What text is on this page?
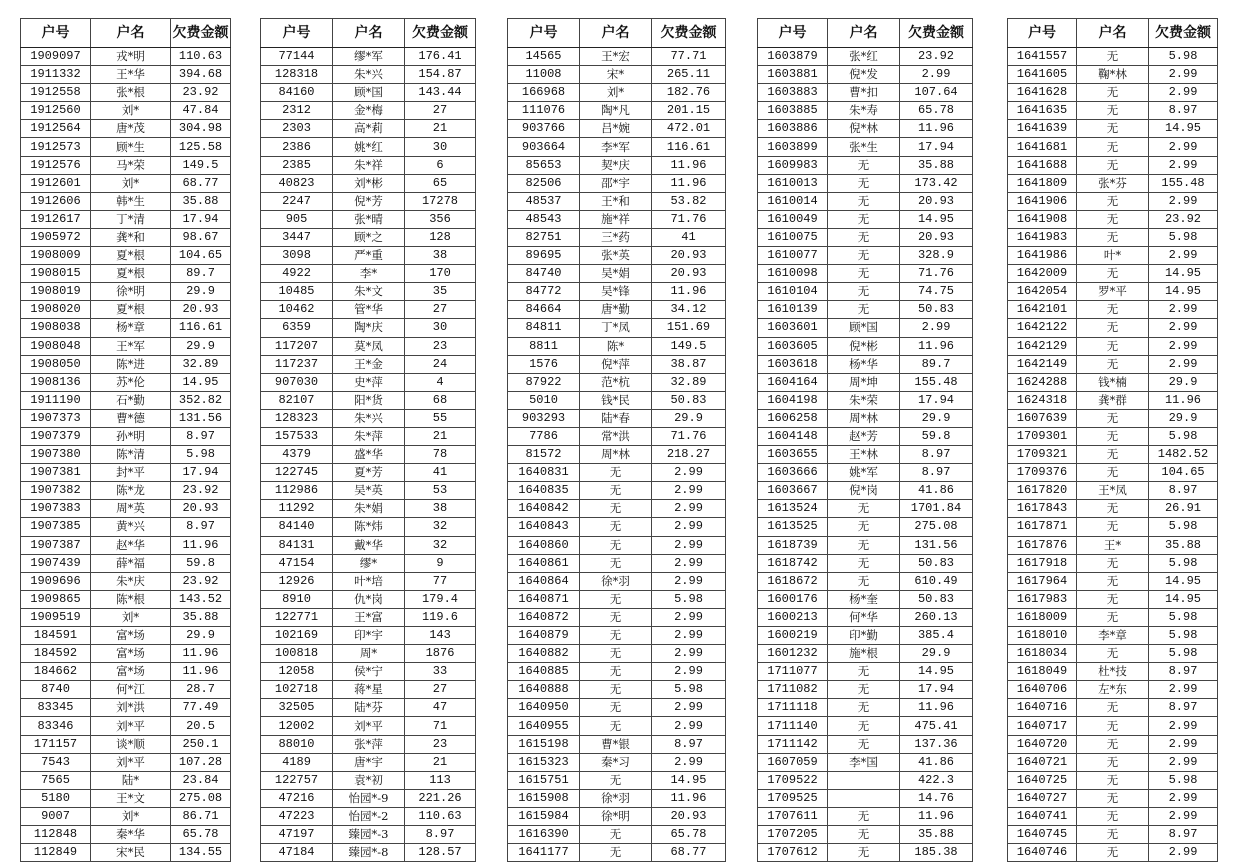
户号	户名	欠费金额
1909097	戎*明	110.63
1911332	王*华	394.68
1912558	张*根	23.92
1912560	刘*	47.84
1912564	唐*茂	304.98
1912573	顾*生	125.58
1912576	马*荣	149.5
1912601	刘*	68.77
1912606	韩*生	35.88
1912617	丁*清	17.94
1905972	龚*和	98.67
1908009	夏*根	104.65
1908015	夏*根	89.7
1908019	徐*明	29.9
1908020	夏*根	20.93
1908038	杨*章	116.61
1908048	王*军	29.9
1908050	陈*进	32.89
1908136	苏*伦	14.95
1911190	石*勤	352.82
1907373	曹*德	131.56
1907379	孙*明	8.97
1907380	陈*清	5.98
1907381	封*平	17.94
1907382	陈*龙	23.92
1907383	周*英	20.93
1907385	黄*兴	8.97
1907387	赵*华	11.96
1907439	薛*福	59.8
1909696	朱*庆	23.92
1909865	陈*根	143.52
1909519	刘*	35.88
184591	富*场	29.9
184592	富*场	11.96
184662	富*场	11.96
8740	何*江	28.7
83345	刘*洪	77.49
83346	刘*平	20.5
171157	谈*顺	250.1
7543	刘*平	107.28
7565	陆*	23.84
5180	王*文	275.08
9007	刘*	86.71
112848	秦*华	65.78
112849	宋*民	134.55
户号	户名	欠费金额
77144	缪*军	176.41
128318	朱*兴	154.87
84160	顾*国	143.44
2312	金*梅	27
2303	高*莉	21
2386	姚*红	30
2385	朱*祥	6
40823	刘*彬	65
2247	倪*芳	17278
905	张*晴	356
3447	顾*之	128
3098	严*重	38
4922	李*	170
10485	朱*文	35
10462	管*华	27
6359	陶*庆	30
117207	莫*凤	23
117237	王*金	24
907030	史*萍	4
82107	阳*货	68
128323	朱*兴	55
157533	朱*萍	21
4379	盛*华	78
122745	夏*芳	41
112986	吴*英	53
11292	朱*娟	38
84140	陈*炜	32
84131	戴*华	32
47154	缪*	9
12926	叶*培	77
8910	仇*岗	179.4
122771	王*富	119.6
102169	印*宇	143
100818	周*	1876
12058	侯*宁	33
102718	蒋*星	27
32505	陆*芬	47
12002	刘*平	71
88010	张*萍	23
4189	唐*宇	21
122757	袁*初	113
47216	怡园*-9	221.26
47223	怡园*-2	110.63
47197	臻园*-3	8.97
47184	臻园*-8	128.57
户号	户名	欠费金额
14565	王*宏	77.71
11008	宋*	265.11
166968	刘*	182.76
111076	陶*凡	201.15
903766	吕*婉	472.01
903664	李*军	116.61
85653	契*庆	11.96
82506	邵*宇	11.96
48537	王*和	53.82
48543	施*祥	71.76
82751	三*药	41
89695	张*英	20.93
84740	吴*娟	20.93
84772	吴*锋	11.96
84664	唐*勤	34.12
84811	丁*凤	151.69
8811	陈*	149.5
1576	倪*萍	38.87
87922	范*杭	32.89
5010	钱*民	50.83
903293	陆*春	29.9
7786	常*洪	71.76
81572	周*林	218.27
1640831	无	2.99
1640835	无	2.99
1640842	无	2.99
1640843	无	2.99
1640860	无	2.99
1640861	无	2.99
1640864	徐*羽	2.99
1640871	无	5.98
1640872	无	2.99
1640879	无	2.99
1640882	无	2.99
1640885	无	2.99
1640888	无	5.98
1640950	无	2.99
1640955	无	2.99
1615198	曹*银	8.97
1615323	秦*习	2.99
1615751	无	14.95
1615908	徐*羽	11.96
1615984	徐*明	20.93
1616390	无	65.78
1641177	无	68.77
户号	户名	欠费金额
1603879	张*红	23.92
1603881	倪*发	2.99
1603883	曹*扣	107.64
1603885	朱*寿	65.78
1603886	倪*林	11.96
1603899	张*生	17.94
1609983	无	35.88
1610013	无	173.42
1610014	无	20.93
1610049	无	14.95
1610075	无	20.93
1610077	无	328.9
1610098	无	71.76
1610104	无	74.75
1610139	无	50.83
1603601	顾*国	2.99
1603605	倪*彬	11.96
1603618	杨*华	89.7
1604164	周*坤	155.48
1604198	朱*荣	17.94
1606258	周*林	29.9
1604148	赵*芳	59.8
1603655	王*林	8.97
1603666	姚*军	8.97
1603667	倪*岗	41.86
1613524	无	1701.84
1613525	无	275.08
1618739	无	131.56
1618742	无	50.83
1618672	无	610.49
1600176	杨*奎	50.83
1600213	何*华	260.13
1600219	印*勤	385.4
1601232	施*根	29.9
1711077	无	14.95
1711082	无	17.94
1711118	无	11.96
1711140	无	475.41
1711142	无	137.36
1607059	李*国	41.86
1709522		422.3
1709525		14.76
1707611	无	11.96
1707205	无	35.88
1707612	无	185.38
户号	户名	欠费金额
1641557	无	5.98
1641605	鞠*林	2.99
1641628	无	2.99
1641635	无	8.97
1641639	无	14.95
1641681	无	2.99
1641688	无	2.99
1641809	张*芬	155.48
1641906	无	2.99
1641908	无	23.92
1641983	无	5.98
1641986	叶*	2.99
1642009	无	14.95
1642054	罗*平	14.95
1642101	无	2.99
1642122	无	2.99
1642129	无	2.99
1642149	无	2.99
1624288	钱*楠	29.9
1624318	龚*群	11.96
1607639	无	29.9
1709301	无	5.98
1709321	无	1482.52
1709376	无	104.65
1617820	王*凤	8.97
1617843	无	26.91
1617871	无	5.98
1617876	王*	35.88
1617918	无	5.98
1617964	无	14.95
1617983	无	14.95
1618009	无	5.98
1618010	李*章	5.98
1618034	无	5.98
1618049	杜*技	8.97
1640706	左*东	2.99
1640716	无	8.97
1640717	无	2.99
1640720	无	2.99
1640721	无	2.99
1640725	无	5.98
1640727	无	2.99
1640741	无	2.99
1640745	无	8.97
1640746	无	2.99
